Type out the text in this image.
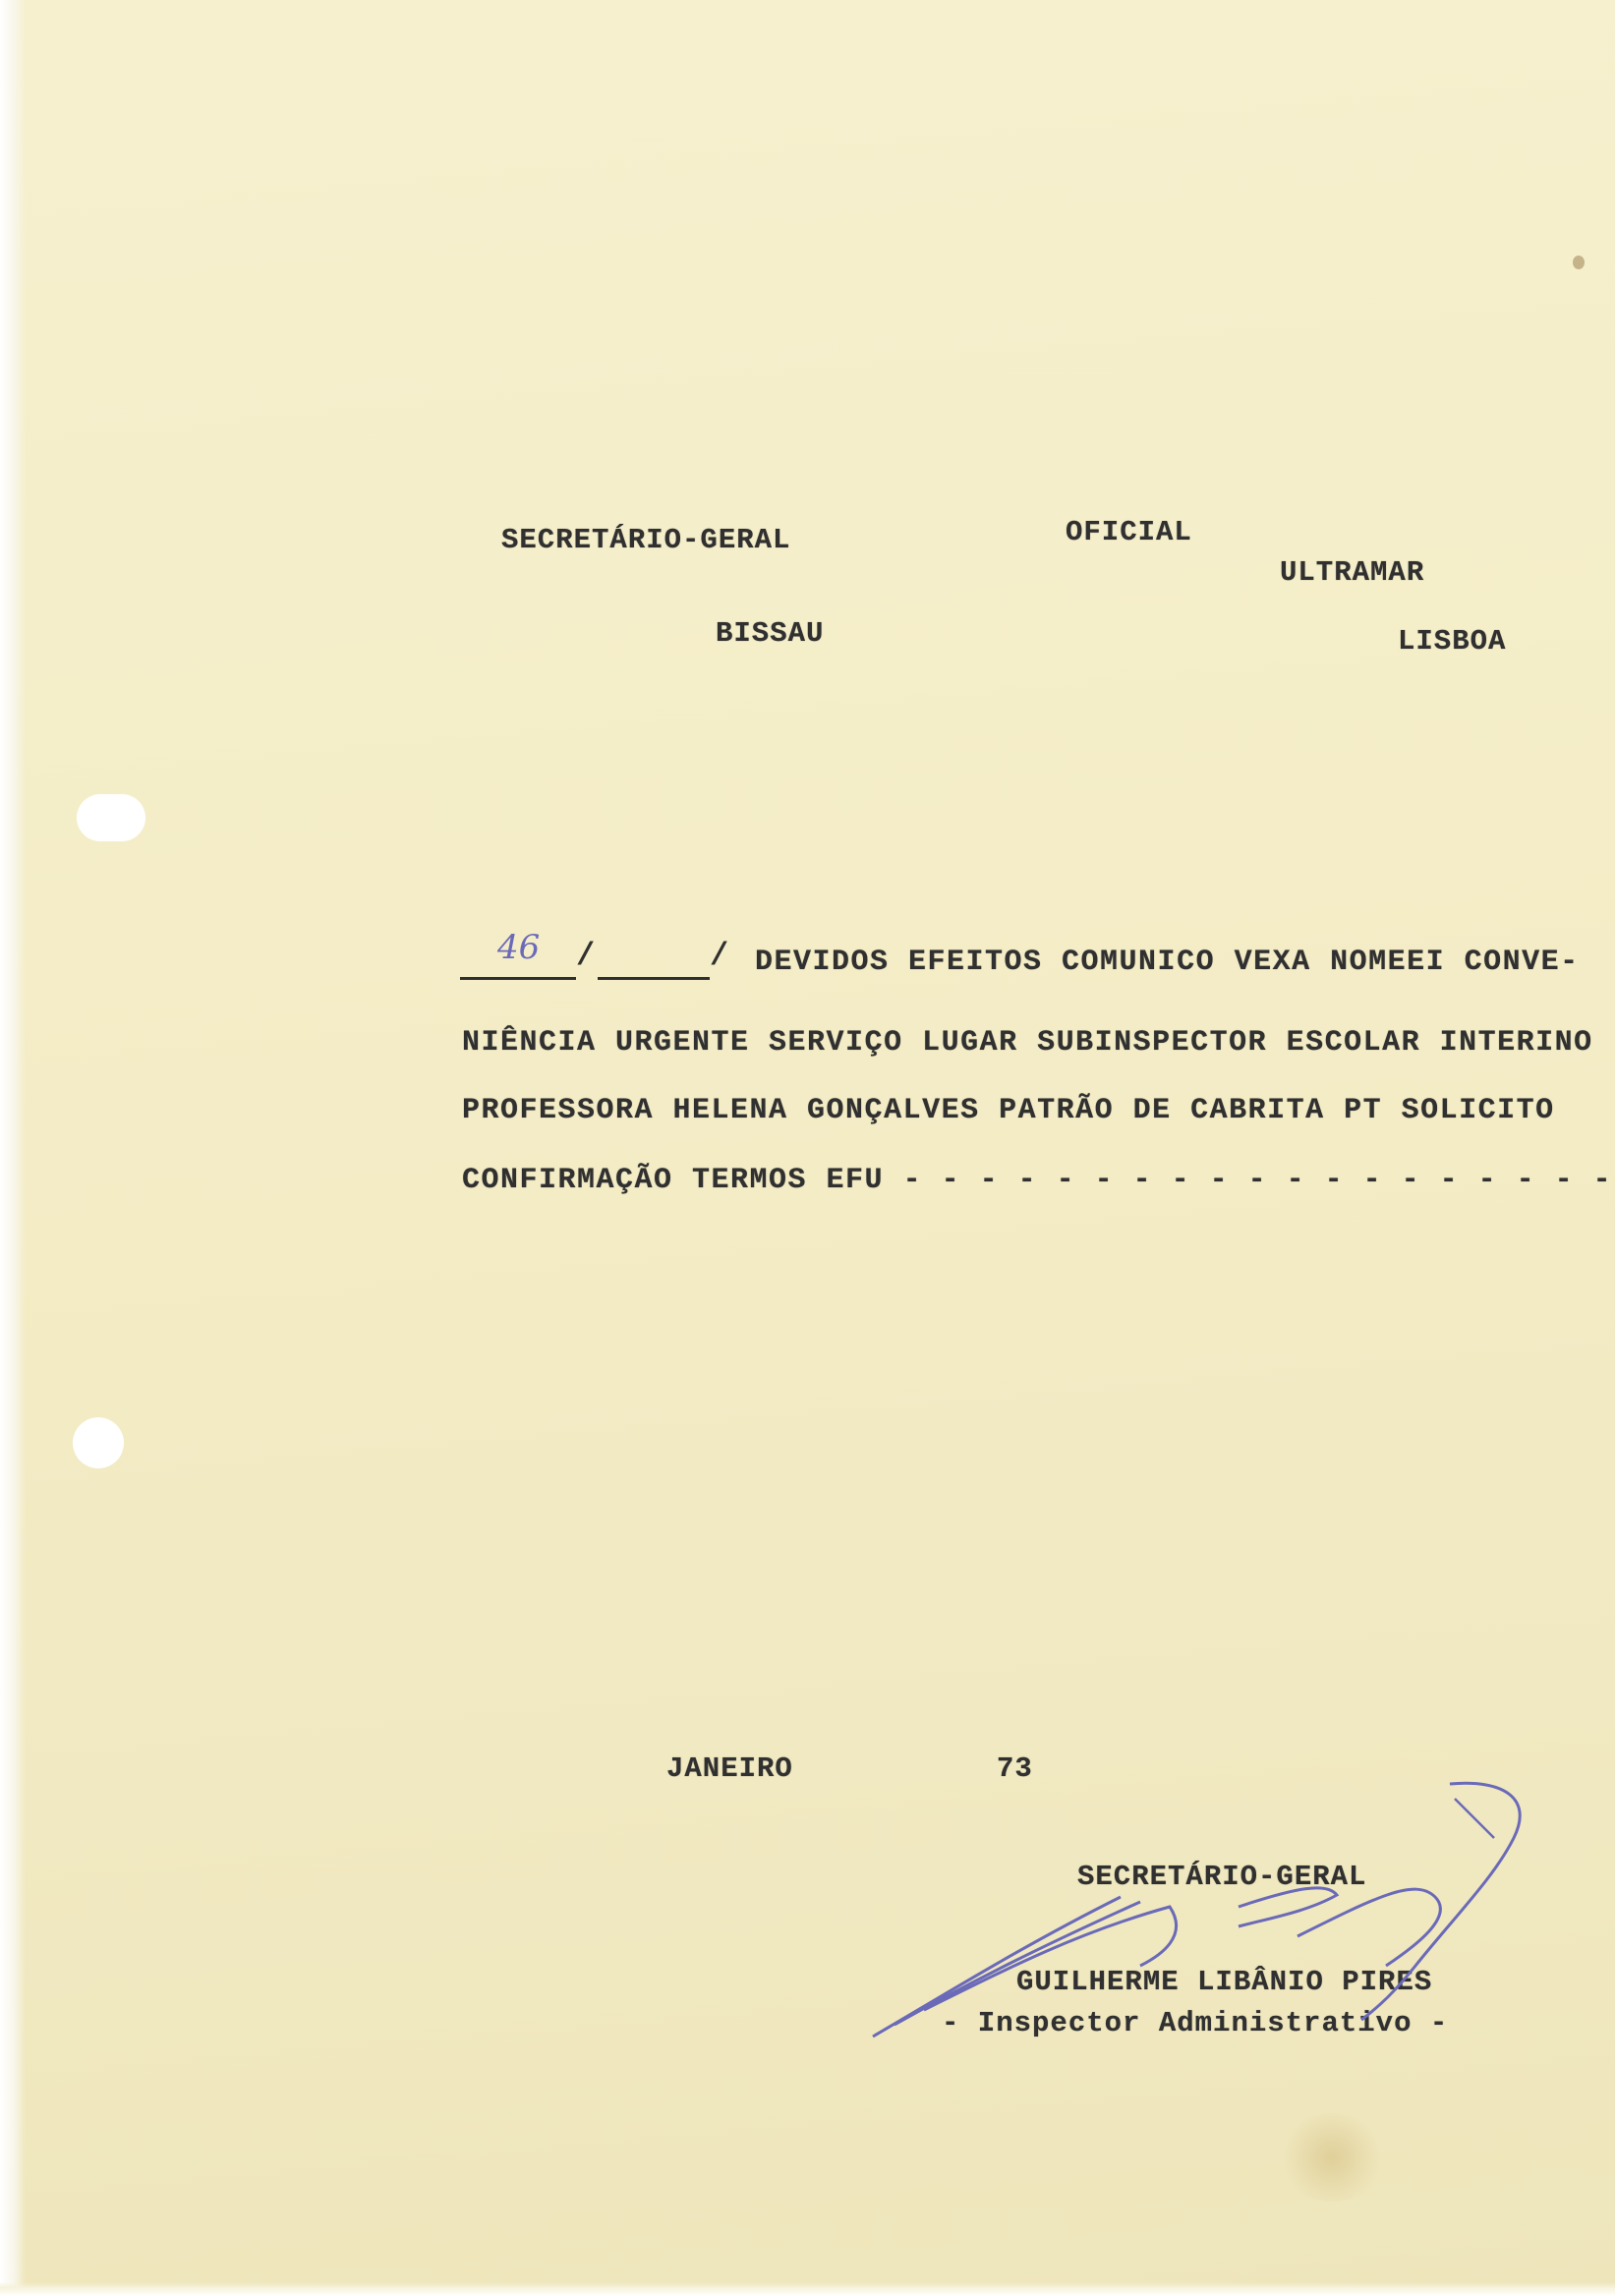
SECRETÁRIO-GERAL	OFICIAL
ULTRAMAR
BISSAU	LISBOA
46 /	/ DEVIDOS EFEITOS COMUNICO VEXA NOMEEI CONVE-
NIÊNCIA URGENTE SERVIÇO LUGAR SUBINSPECTOR ESCOLAR INTERINO
PROFESSORA HELENA GONÇALVES PATRÃO DE CABRITA PT SOLICITO
CONFIRMAÇÃO TERMOS EFU - - - - - - - - - - - - - - - - - - -
JANEIRO	73
SECRETÁRIO-GERAL
GUILHERME LIBÂNIO PIRES
- Inspector Administrativo -
